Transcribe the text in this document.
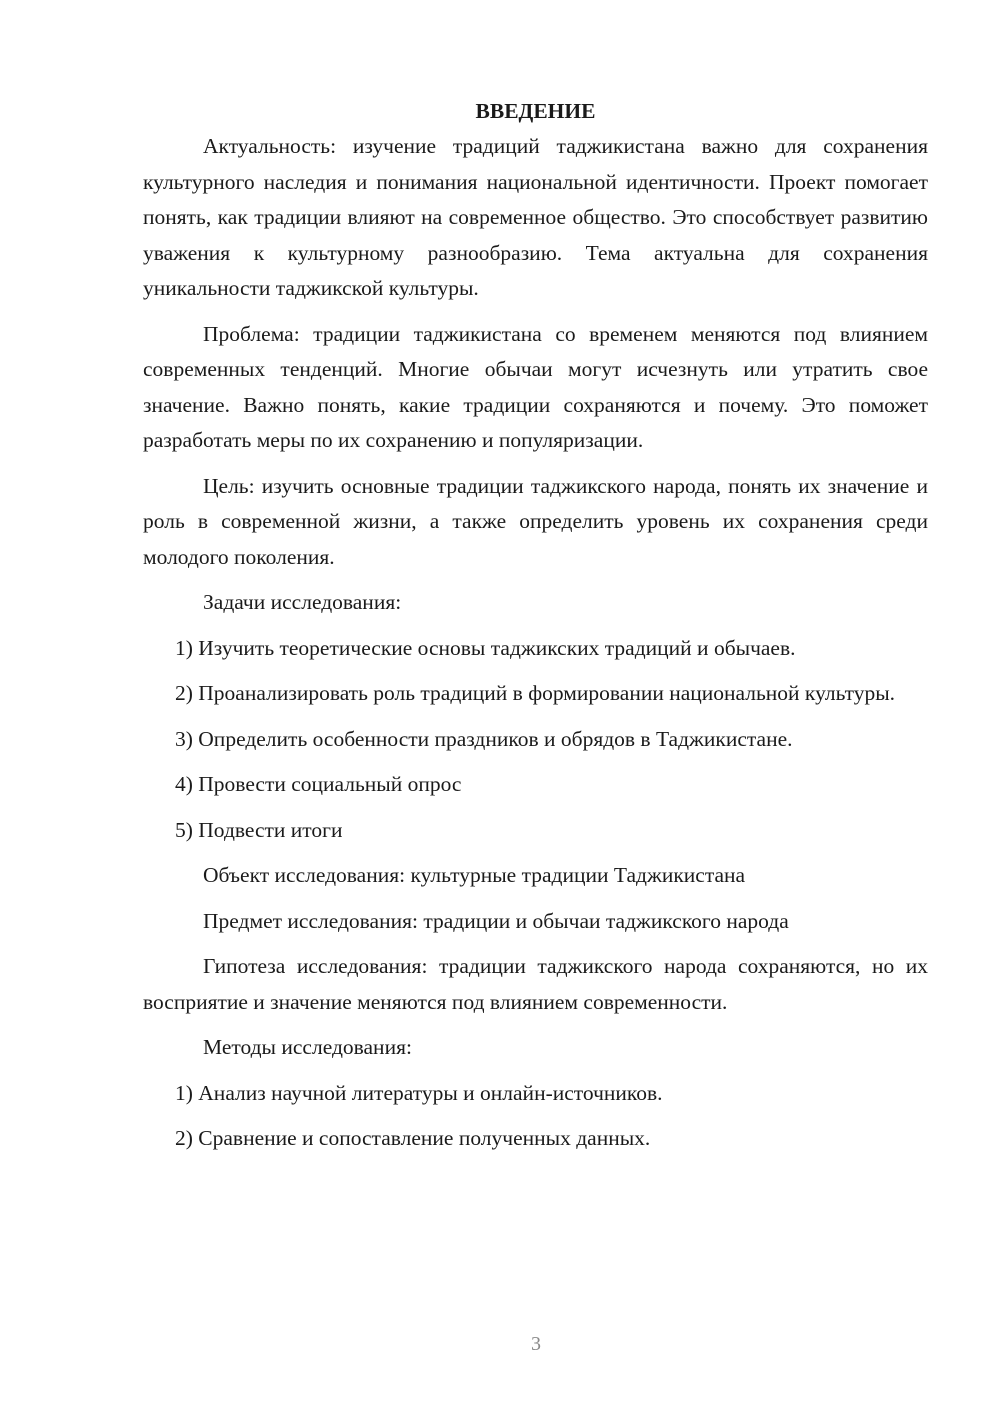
ВВЕДЕНИЕ

Актуальность: изучение традиций таджикистана важно для сохранения культурного наследия и понимания национальной идентичности. Проект помогает понять, как традиции влияют на современное общество. Это способствует развитию уважения к культурному разнообразию. Тема актуальна для сохранения уникальности таджикской культуры.

Проблема: традиции таджикистана со временем меняются под влиянием современных тенденций. Многие обычаи могут исчезнуть или утратить свое значение. Важно понять, какие традиции сохраняются и почему. Это поможет разработать меры по их сохранению и популяризации.

Цель: изучить основные традиции таджикского народа, понять их значение и роль в современной жизни, а также определить уровень их сохранения среди молодого поколения.

Задачи исследования:

1) Изучить теоретические основы таджикских традиций и обычаев.

2) Проанализировать роль традиций в формировании национальной культуры.

3) Определить особенности праздников и обрядов в Таджикистане.

4) Провести социальный опрос

5) Подвести итоги

Объект исследования: культурные традиции Таджикистана

Предмет исследования: традиции и обычаи таджикского народа

Гипотеза исследования: традиции таджикского народа сохраняются, но их восприятие и значение меняются под влиянием современности.

Методы исследования:

1) Анализ научной литературы и онлайн-источников.

2) Сравнение и сопоставление полученных данных.

3
